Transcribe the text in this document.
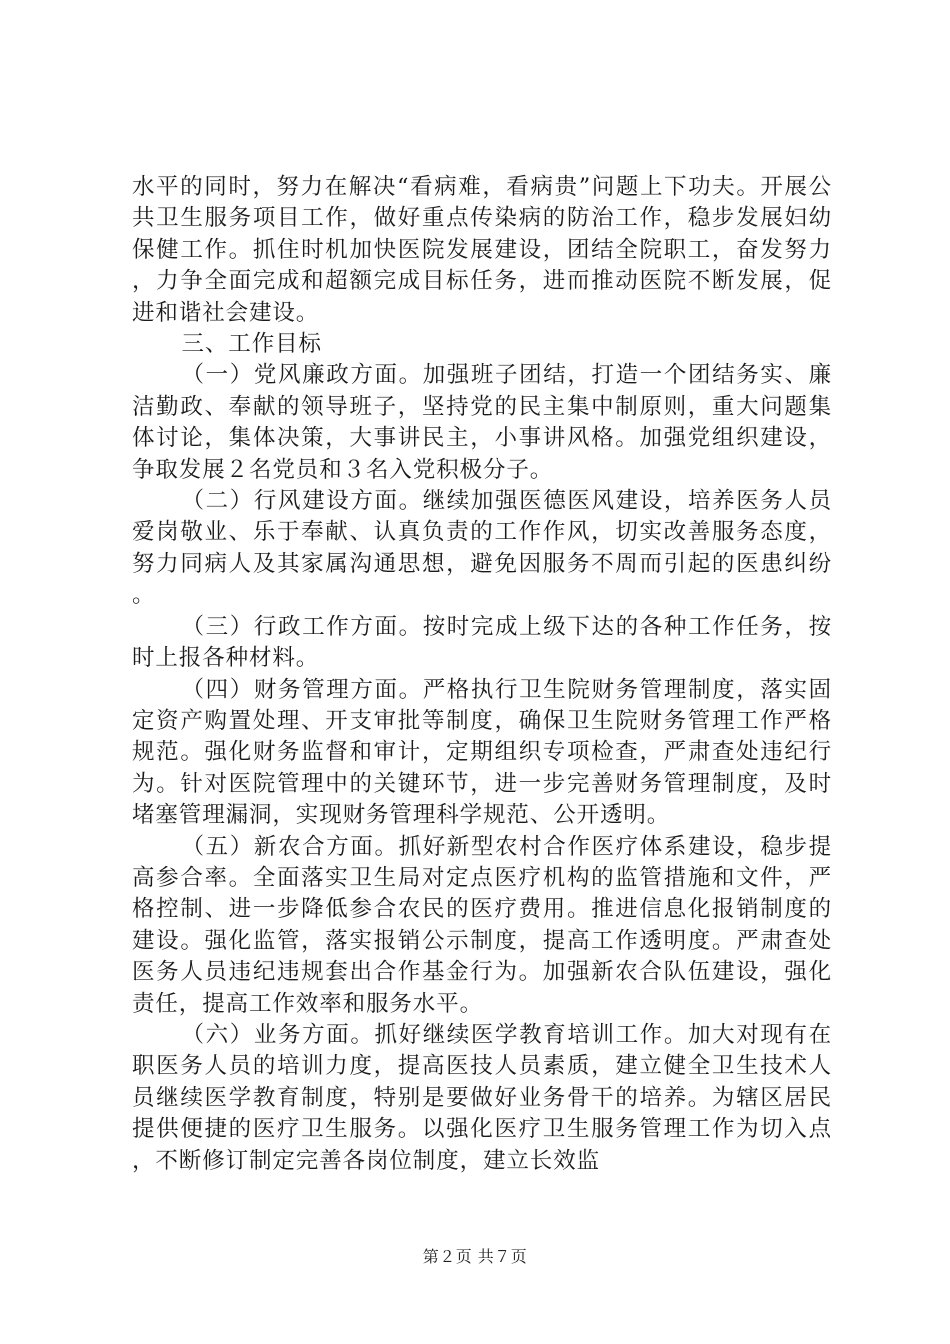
水平的同时，努力在解决“看病难，看病贵”问题上下功夫。开展公共卫生服务项目工作，做好重点传染病的防治工作，稳步发展妇幼保健工作。抓住时机加快医院发展建设，团结全院职工，奋发努力，力争全面完成和超额完成目标任务，进而推动医院不断发展，促进和谐社会建设。

三、工作目标

（一）党风廉政方面。加强班子团结，打造一个团结务实、廉洁勤政、奉献的领导班子，坚持党的民主集中制原则，重大问题集体讨论，集体决策，大事讲民主，小事讲风格。加强党组织建设，争取发展２名党员和３名入党积极分子。

（二）行风建设方面。继续加强医德医风建设，培养医务人员爱岗敬业、乐于奉献、认真负责的工作作风，切实改善服务态度，努力同病人及其家属沟通思想，避免因服务不周而引起的医患纠纷。

（三）行政工作方面。按时完成上级下达的各种工作任务，按时上报各种材料。

（四）财务管理方面。严格执行卫生院财务管理制度，落实固定资产购置处理、开支审批等制度，确保卫生院财务管理工作严格规范。强化财务监督和审计，定期组织专项检查，严肃查处违纪行为。针对医院管理中的关键环节，进一步完善财务管理制度，及时堵塞管理漏洞，实现财务管理科学规范、公开透明。

（五）新农合方面。抓好新型农村合作医疗体系建设，稳步提高参合率。全面落实卫生局对定点医疗机构的监管措施和文件，严格控制、进一步降低参合农民的医疗费用。推进信息化报销制度的建设。强化监管，落实报销公示制度，提高工作透明度。严肃查处医务人员违纪违规套出合作基金行为。加强新农合队伍建设，强化责任，提高工作效率和服务水平。

（六）业务方面。抓好继续医学教育培训工作。加大对现有在职医务人员的培训力度，提高医技人员素质，建立健全卫生技术人员继续医学教育制度，特别是要做好业务骨干的培养。为辖区居民提供便捷的医疗卫生服务。以强化医疗卫生服务管理工作为切入点，不断修订制定完善各岗位制度，建立长效监

第２页 共７页
